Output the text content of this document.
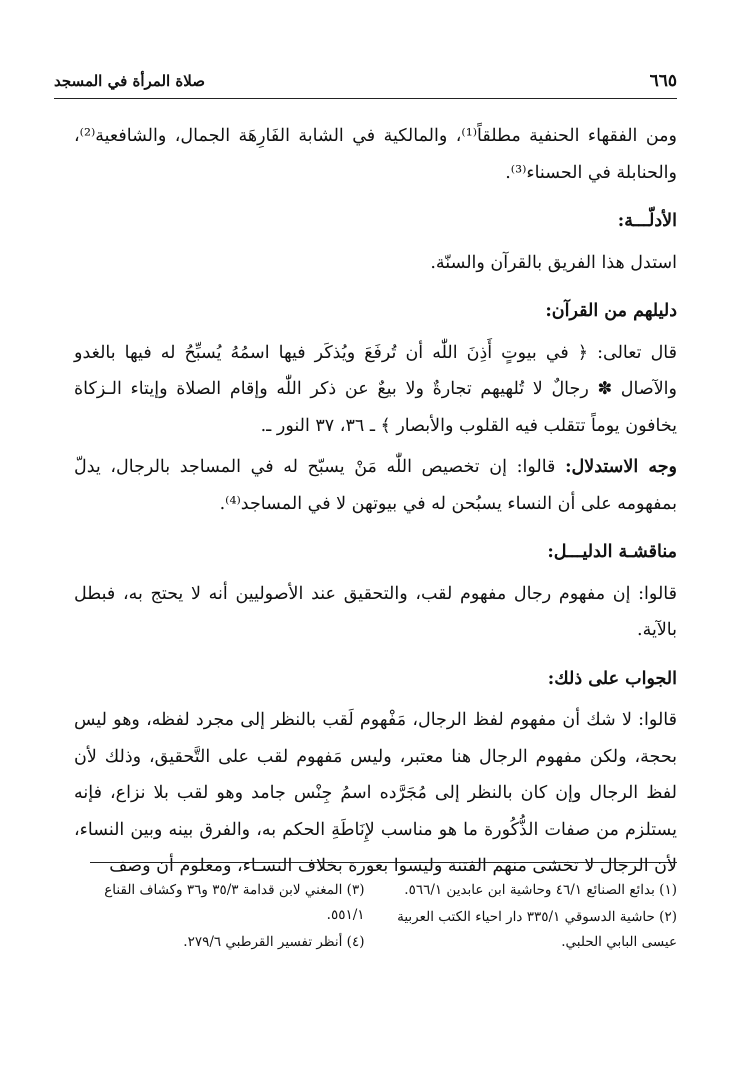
٦٦٥
صلاة المرأة في المسجد

ومن الفقهاء الحنفية مطلقاً⁽¹⁾، والمالكية في الشابة الفَارِهَة الجمال، والشافعية⁽²⁾، والحنابلة في الحسناء⁽³⁾.

الأدلّـــة:

استدل هذا الفريق بالقرآن والسنّة.

دليلهم من القرآن:

قال تعالى: ﴿ في بيوتٍ أَذِنَ اللّٰه أن تُرفَعَ ويُذكَر فيها اسمُهُ يُسبِّحُ له فيها بالغدو والآصال ✽ رجالٌ لا تُلهيهم تجارةٌ ولا بيعٌ عن ذكر اللّٰه وإقام الصلاة وإيتاء الـزكاة يخافون يوماً تتقلب فيه القلوب والأبصار ﴾ ـ ٣٦، ٣٧ النور ـ.

وجه الاستدلال: قالوا: إن تخصيص اللّٰه مَنْ يسبّح له في المساجد بالرجال، يدلّ بمفهومه على أن النساء يسبُحن له في بيوتهن لا في المساجد⁽⁴⁾.

مناقشـة الدليـــل:

قالوا: إن مفهوم رجال مفهوم لقب، والتحقيق عند الأصوليين أنه لا يحتج به، فبطل بالآية.

الجواب على ذلك:

قالوا: لا شك أن مفهوم لفظ الرجال، مَفْهوم لَقب بالنظر إلى مجرد لفظه، وهو ليس بحجة، ولكن مفهوم الرجال هنا معتبر، وليس مَفهوم لقب على التَّحقيق، وذلك لأن لفظ الرجال وإن كان بالنظر إلى مُجَرَّده اسمُ جِنْس جامد وهو لقب بلا نزاع، فإنه يستلزم من صفات الذُّكُورة ما هو مناسب لإِنَاطَةِ الحكم به، والفرق بينه وبين النساء، لأن الرجال لا تخشى منهم الفتنة وليسوا بعورة بخلاف النسـاء، ومعلوم أن وصف

(١) بدائع الصنائع ٤٦/١ وحاشية ابن عابدين ٥٦٦/١.

(٢) حاشية الدسوقي ٣٣٥/١ دار احياء الكتب العربية عيسى البابي الحلبي.

(٣) المغني لابن قدامة ٣٥/٣ و٣٦ وكشاف القناع ٥٥١/١.

(٤) أنظر تفسير القرطبي ٢٧٩/٦.
